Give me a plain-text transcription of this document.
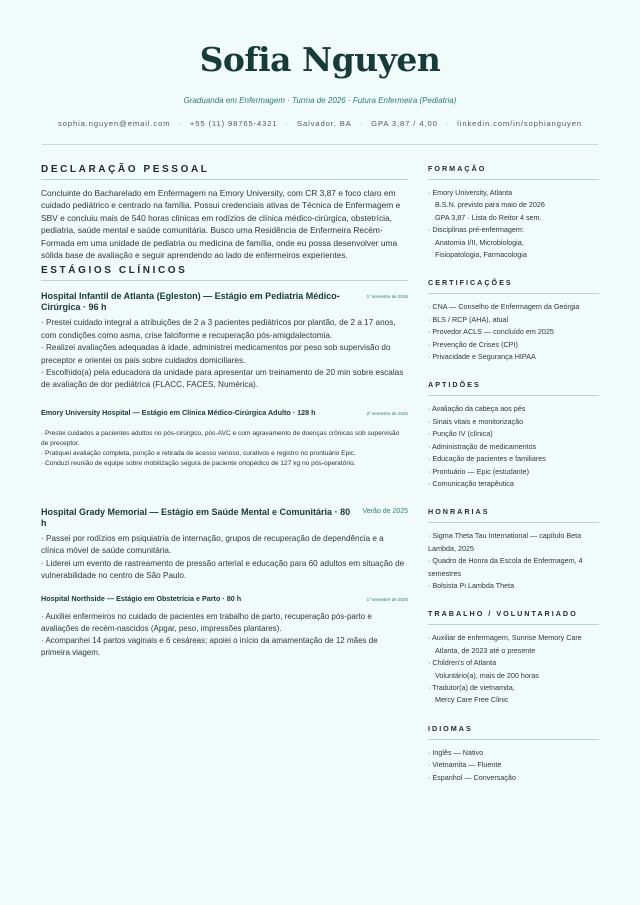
Sofia Nguyen
Graduanda em Enfermagem · Turma de 2026 · Futura Enfermeira (Pediatria)
sophia.nguyen@email.com · +55 (11) 98765-4321 · Salvador, BA · GPA 3,87 / 4,00 · linkedin.com/in/sophianguyen
DECLARAÇÃO PESSOAL
Concluinte do Bacharelado em Enfermagem na Emory University, com CR 3,87 e foco claro em cuidado pediátrico e centrado na família. Possui credenciais ativas de Técnica de Enfermagem e SBV e concluiu mais de 540 horas clínicas em rodízios de clínica médico-cirúrgica, obstetrícia, pediatria, saúde mental e saúde comunitária. Busco uma Residência de Enfermeira Recém-Formada em uma unidade de pediatria ou medicina de família, onde eu possa desenvolver uma sólida base de avaliação e seguir aprendendo ao lado de enfermeiros experientes.
ESTÁGIOS CLÍNICOS
Hospital Infantil de Atlanta (Egleston) — Estágio em Pediatria Médico-Cirúrgica · 96 h
1º semestre de 2026
· Prestei cuidado integral a atribuições de 2 a 3 pacientes pediátricos por plantão, de 2 a 17 anos, com condições como asma, crise falciforme e recuperação pós-amigdalectomia.
· Realizei avaliações adequadas à idade, administrei medicamentos por peso sob supervisão do preceptor e orientei os pais sobre cuidados domiciliares.
· Escolhido(a) pela educadora da unidade para apresentar um treinamento de 20 min sobre escalas de avaliação de dor pediátrica (FLACC, FACES, Numérica).
Emory University Hospital — Estágio em Clínica Médico-Cirúrgica Adulto · 128 h	2º semestre de 2025
· Prestei cuidados a pacientes adultos no pós-cirúrgico, pós-AVC e com agravamento de doenças crônicas sob supervisão de preceptor.
· Pratiquei avaliação completa, punção e retirada de acesso venoso, curativos e registro no prontuário Epic.
· Conduzi reunião de equipe sobre mobilização segura de paciente ortopédico de 127 kg no pós-operatório.
Hospital Grady Memorial — Estágio em Saúde Mental e Comunitária · 80 h
Verão de 2025
· Passei por rodízios em psiquiatria de internação, grupos de recuperação de dependência e a clínica móvel de saúde comunitária.
· Liderei um evento de rastreamento de pressão arterial e educação para 60 adultos em situação de vulnerabilidade no centro de São Paulo.
Hospital Northside — Estágio em Obstetrícia e Parto · 80 h	1º semestre de 2025
· Auxiliei enfermeiros no cuidado de pacientes em trabalho de parto, recuperação pós-parto e avaliações de recém-nascidos (Apgar, peso, impressões plantares).
· Acompanhei 14 partos vaginais e 6 cesáreas; apoiei o início da amamentação de 12 mães de primeira viagem.
FORMAÇÃO
· Emory University, Atlanta
B.S.N. previsto para maio de 2026
GPA 3,87 · Lista do Reitor 4 sem.
· Disciplinas pré-enfermagem:
Anatomia I/II, Microbiologia,
Fisiopatologia, Farmacologia
CERTIFICAÇÕES
· CNA — Conselho de Enfermagem da Geórgia
· BLS / RCP (AHA), atual
· Provedor ACLS — concluído em 2025
· Prevenção de Crises (CPI)
· Privacidade e Segurança HIPAA
APTIDÕES
· Avaliação da cabeça aos pés
· Sinais vitais e monitorização
· Punção IV (clínica)
· Administração de medicamentos
· Educação de pacientes e familiares
· Prontuário — Epic (estudante)
· Comunicação terapêutica
HONRARIAS
· Sigma Theta Tau International — capítulo Beta
Lambda, 2025
· Quadro de Honra da Escola de Enfermagem, 4
semestres
· Bolsista Pi Lambda Theta
TRABALHO / VOLUNTARIADO
· Auxiliar de enfermagem, Sunrise Memory Care
Atlanta, de 2023 até o presente
· Children's of Atlanta
Voluntário(a), mais de 200 horas
· Tradutor(a) de vietnamita,
Mercy Care Free Clinic
IDIOMAS
· Inglês — Nativo
· Vietnamita — Fluente
· Espanhol — Conversação
